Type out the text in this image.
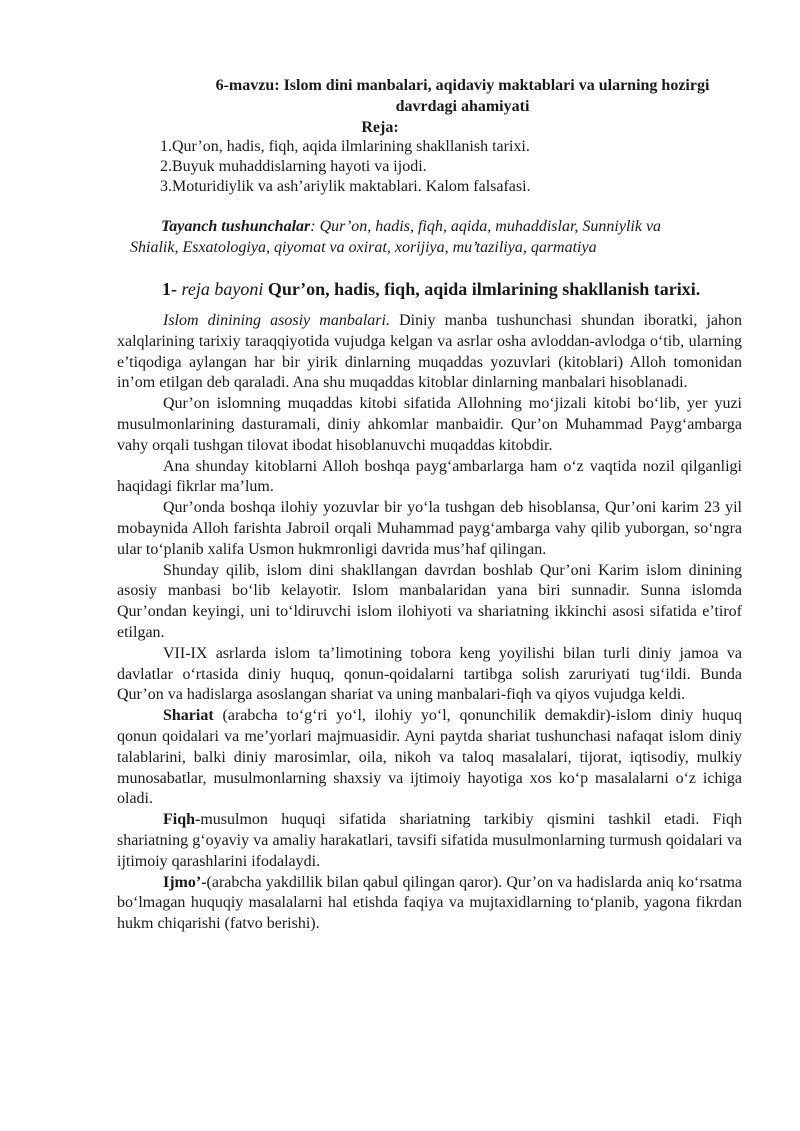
6-mavzu: Islom dini manbalari, aqidaviy maktablari va ularning hozirgi
davrdagi ahamiyati
Reja:
1.Qur’on, hadis, fiqh, aqida ilmlarining shakllanish tarixi.
2.Buyuk muhaddislarning hayoti va ijodi.
3.Moturidiylik va ash’ariylik maktablari. Kalom falsafasi.
Tayanch tushunchalar: Qur’on, hadis, fiqh, aqida, muhaddislar, Sunniylik va
Shialik, Esxatologiya, qiyomat va oxirat, xorijiya, mu’taziliya, qarmatiya
1- reja bayoni Qur’on, hadis, fiqh, aqida ilmlarining shakllanish tarixi.

Islom dinining asosiy manbalari. Diniy manba tushunchasi shundan iboratki, jahon xalqlarining tarixiy taraqqiyotida vujudga kelgan va asrlar osha avloddan-avlodga o‘tib, ularning e’tiqodiga aylangan har bir yirik dinlarning muqaddas yozuvlari (kitoblari) Alloh tomonidan in’om etilgan deb qaraladi. Ana shu muqaddas kitoblar dinlarning manbalari hisoblanadi.

Qur’on islomning muqaddas kitobi sifatida Allohning mo‘jizali kitobi bo‘lib, yer yuzi musulmonlarining dasturamali, diniy ahkomlar manbaidir. Qur’on Muhammad Payg‘ambarga vahy orqali tushgan tilovat ibodat hisoblanuvchi muqaddas kitobdir.

Ana shunday kitoblarni Alloh boshqa payg‘ambarlarga ham o‘z vaqtida nozil qilganligi haqidagi fikrlar ma’lum.

Qur’onda boshqa ilohiy yozuvlar bir yo‘la tushgan deb hisoblansa, Qur’oni karim 23 yil mobaynida Alloh farishta Jabroil orqali Muhammad payg‘ambarga vahy qilib yuborgan, so‘ngra ular to‘planib xalifa Usmon hukmronligi davrida mus’haf qilingan.

Shunday qilib, islom dini shakllangan davrdan boshlab Qur’oni Karim islom dinining asosiy manbasi bo‘lib kelayotir. Islom manbalaridan yana biri sunnadir. Sunna islomda Qur’ondan keyingi, uni to‘ldiruvchi islom ilohiyoti va shariatning ikkinchi asosi sifatida e’tirof etilgan.

VII-IX asrlarda islom ta’limotining tobora keng yoyilishi bilan turli diniy jamoa va davlatlar o‘rtasida diniy huquq, qonun-qoidalarni tartibga solish zaruriyati tug‘ildi. Bunda Qur’on va hadislarga asoslangan shariat va uning manbalari-fiqh va qiyos vujudga keldi.

Shariat (arabcha to‘g‘ri yo‘l, ilohiy yo‘l, qonunchilik demakdir)-islom diniy huquq qonun qoidalari va me’yorlari majmuasidir. Ayni paytda shariat tushunchasi nafaqat islom diniy talablarini, balki diniy marosimlar, oila, nikoh va taloq masalalari, tijorat, iqtisodiy, mulkiy munosabatlar, musulmonlarning shaxsiy va ijtimoiy hayotiga xos ko‘p masalalarni o‘z ichiga oladi.

Fiqh-musulmon huquqi sifatida shariatning tarkibiy qismini tashkil etadi. Fiqh shariatning g‘oyaviy va amaliy harakatlari, tavsifi sifatida musulmonlarning turmush qoidalari va ijtimoiy qarashlarini ifodalaydi.

Ijmo’-(arabcha yakdillik bilan qabul qilingan qaror). Qur’on va hadislarda aniq ko‘rsatma bo‘lmagan huquqiy masalalarni hal etishda faqiya va mujtaxidlarning to‘planib, yagona fikrdan hukm chiqarishi (fatvo berishi).
